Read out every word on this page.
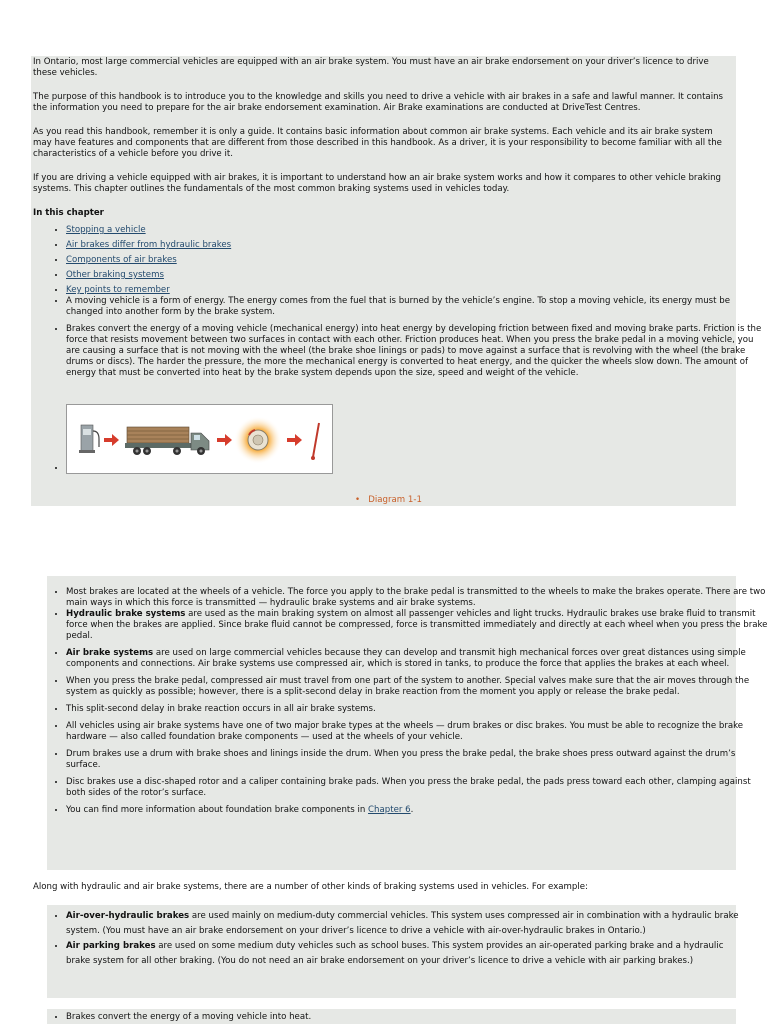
In Ontario, most large commercial vehicles are equipped with an air brake system. You must have an air brake endorsement on your driver’s licence to drive these vehicles.

The purpose of this handbook is to introduce you to the knowledge and skills you need to drive a vehicle with air brakes in a safe and lawful manner. It contains the information you need to prepare for the air brake endorsement examination. Air Brake examinations are conducted at DriveTest Centres.

As you read this handbook, remember it is only a guide. It contains basic information about common air brake systems. Each vehicle and its air brake system may have features and components that are different from those described in this handbook. As a driver, it is your responsibility to become familiar with all the characteristics of a vehicle before you drive it.

If you are driving a vehicle equipped with air brakes, it is important to understand how an air brake system works and how it compares to other vehicle braking systems. This chapter outlines the fundamentals of the most common braking systems used in vehicles today.

In this chapter
• Stopping a vehicle
• Air brakes differ from hydraulic brakes
• Components of air brakes
• Other braking systems
• Key points to remember
• A moving vehicle is a form of energy. The energy comes from the fuel that is burned by the vehicle’s engine. To stop a moving vehicle, its energy must be changed into another form by the brake system.
• Brakes convert the energy of a moving vehicle (mechanical energy) into heat energy by developing friction between fixed and moving brake parts. Friction is the force that resists movement between two surfaces in contact with each other. Friction produces heat. When you press the brake pedal in a moving vehicle, you are causing a surface that is not moving with the wheel (the brake shoe linings or pads) to move against a surface that is revolving with the wheel (the brake drums or discs). The harder the pressure, the more the mechanical energy is converted to heat energy, and the quicker the wheels slow down. The amount of energy that must be converted into heat by the brake system depends upon the size, speed and weight of the vehicle.
•
•   Diagram 1-1
• Most brakes are located at the wheels of a vehicle. The force you apply to the brake pedal is transmitted to the wheels to make the brakes operate. There are two main ways in which this force is transmitted — hydraulic brake systems and air brake systems.
• Hydraulic brake systems are used as the main braking system on almost all passenger vehicles and light trucks. Hydraulic brakes use brake fluid to transmit force when the brakes are applied. Since brake fluid cannot be compressed, force is transmitted immediately and directly at each wheel when you press the brake pedal.
• Air brake systems are used on large commercial vehicles because they can develop and transmit high mechanical forces over great distances using simple components and connections. Air brake systems use compressed air, which is stored in tanks, to produce the force that applies the brakes at each wheel.
• When you press the brake pedal, compressed air must travel from one part of the system to another. Special valves make sure that the air moves through the system as quickly as possible; however, there is a split-second delay in brake reaction from the moment you apply or release the brake pedal.
• This split-second delay in brake reaction occurs in all air brake systems.
• All vehicles using air brake systems have one of two major brake types at the wheels — drum brakes or disc brakes. You must be able to recognize the brake hardware — also called foundation brake components — used at the wheels of your vehicle.
• Drum brakes use a drum with brake shoes and linings inside the drum. When you press the brake pedal, the brake shoes press outward against the drum’s surface.
• Disc brakes use a disc-shaped rotor and a caliper containing brake pads. When you press the brake pedal, the pads press toward each other, clamping against both sides of the rotor’s surface.
• You can find more information about foundation brake components in Chapter 6.

Along with hydraulic and air brake systems, there are a number of other kinds of braking systems used in vehicles. For example:

• Air-over-hydraulic brakes are used mainly on medium-duty commercial vehicles. This system uses compressed air in combination with a hydraulic brake system. (You must have an air brake endorsement on your driver’s licence to drive a vehicle with air-over-hydraulic brakes in Ontario.)
• Air parking brakes are used on some medium duty vehicles such as school buses. This system provides an air-operated parking brake and a hydraulic brake system for all other braking. (You do not need an air brake endorsement on your driver’s licence to drive a vehicle with air parking brakes.)
• Brakes convert the energy of a moving vehicle into heat.
